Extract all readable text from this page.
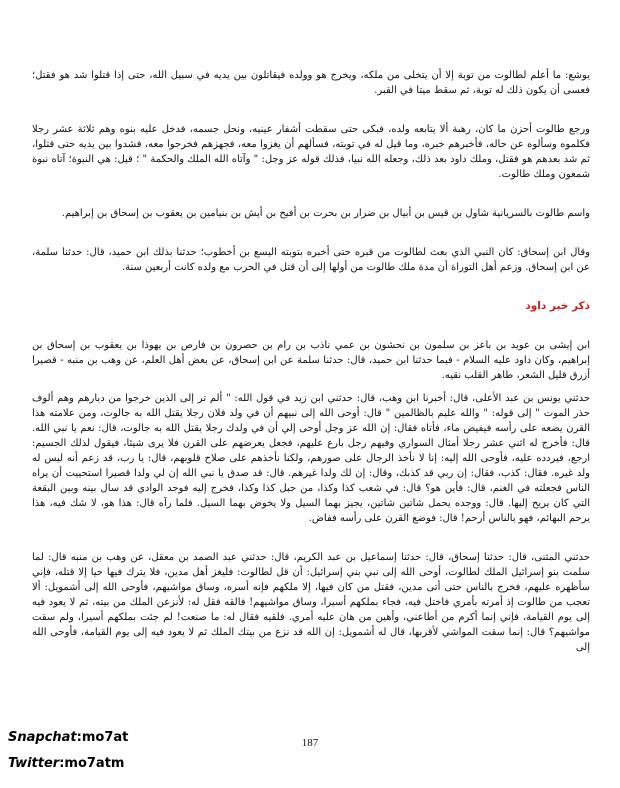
يوشع: ما أعلم لطالوت من توبة إلا أن يتخلى من ملكه، ويخرج هو وولده فيقاتلون بين يديه في سبيل الله، حتى إذا قتلوا شد هو فقتل؛ فعسى أن يكون ذلك له توبة، ثم سقط ميتا في القبر.

ورجع طالوت أحزن ما كان، رهبة ألا يتابعه ولده، فبكى حتى سقطت أشفار عينيه، ونحل جسمه، فدخل عليه بنوه وهم ثلاثة عشر رجلا فكلموه وسألوه عن حاله، فأخبرهم خبره، وما قيل له في توبته، فسألهم أن يغزوا معه، فجهزهم فخرجوا معه، فشدوا بين يديه حتى قتلوا، ثم شد بعدهم هو فقتل، وملك داود بعد ذلك، وجعله الله نبيا، فذلك قوله عز وجل: " وآتاه الله الملك والحكمة " ؛ قيل: هي النبوة؛ آتاه نبوة شمعون وملك طالوت.

واسم طالوت بالسريانية شاول بن قيس بن أبيال بن ضرار بن بحرت بن أفيح بن أيش بن بنيامين بن يعقوب بن إسحاق بن إبراهيم.

وقال ابن إسحاق: كان النبي الذي بعث لطالوت من قبره حتى أخبره بتوبته اليسع بن أخطوب؛ حدثنا بذلك ابن حميد، قال: حدثنا سلمة، عن ابن إسحاق. وزعم أهل التوراة أن مدة ملك طالوت من أولها إلى أن قتل في الحرب مع ولده كانت أربعين سنة.

ذكر خبر داود

ابن إيشى بن عويد بن باعز بن سلمون بن نحشون بن عمي ناذب بن رام بن حصرون بن فارص بن يهوذا بن يعقوب بن إسحاق بن إبراهيم، وكان داود عليه السلام - فيما حدثنا ابن حميد، قال: حدثنا سلمة عن ابن إسحاق، عن بعض أهل العلم، عن وهب بن منبه - قصيرا أزرق قليل الشعر، طاهر القلب نقيه.

حدثني يونس بن عبد الأعلى، قال: أخبرنا ابن وهب، قال: حدثني ابن زيد في قول الله: " ألم تر إلى الذين خرجوا من ديارهم وهم ألوف حذر الموت " إلى قوله: " والله عليم بالظالمين " قال: أوحى الله إلى نبيهم أن في ولد فلان رجلا يقتل الله به جالوت، ومن علامته هذا القرن يضعه على رأسه فيفيض ماء، فأتاه فقال: إن الله عز وجل أوحى إلي أن في ولدك رجلا يقتل الله به جالوت، قال: نعم يا نبي الله. قال: فأخرج له اثني عشر رجلا أمثال السواري وفيهم رجل بارع عليهم، فجعل يعرضهم على القرن فلا يرى شيئا، فيقول لذلك الجسيم: ارجع، فيردده عليه، فأوحى الله إليه: إنا لا نأخذ الرجال على صورهم، ولكنا نأخذهم على صلاح قلوبهم، قال: يا رب، قد زعم أنه ليس له ولد غيره. فقال: كذب، فقال: إن ربي قد كذبك، وقال: إن لك ولدا غيرهم. قال: قد صدق يا نبي الله إن لي ولدا قصيرا استحييت أن يراه الناس فجعلته في الغنم، قال: فأين هو؟ قال: في شعب كذا وكذا، من جبل كذا وكذا، فخرج إليه فوجد الوادي قد سال بينه وبين البقعة التي كان يريح إليها. قال: ووجده يحمل شاتين شاتين، يجيز بهما السيل ولا يخوض بهما السيل. فلما رآه قال: هذا هو، لا شك فيه، هذا يرحم البهائم، فهو بالناس أرحم! قال: فوضع القرن على رأسه ففاض.

حدثني المثنى، قال: حدثنا إسحاق، قال: حدثنا إسماعيل بن عبد الكريم، قال: حدثني عبد الصمد بن معقل، عن وهب بن منبه قال: لما سلمت بنو إسرائيل الملك لطالوت، أوحى الله إلى نبي بني إسرائيل: أن قل لطالوت: فليغز أهل مدين، فلا يترك فيها حيا إلا قتله، فإني سأظهره عليهم، فخرج بالناس حتى أتى مدين، فقتل من كان فيها، إلا ملكهم فإنه أسره، وساق مواشيهم، فأوحى الله إلى أشمويل: ألا تعجب من طالوت إذ أمرته بأمري فاختل فيه، فجاء بملكهم أسيرا، وساق مواشيهم! فالقه فقل له: لأنزعن الملك من بيته، ثم لا يعود فيه إلى يوم القيامة، فإني إنما أكرم من أطاعني، وأهين من هان عليه أمري. فلقيه فقال له: ما صنعت! لم جئت بملكهم أسيرا، ولم سقت مواشيهم؟ قال: إنما سقت المواشي لأقربها، قال له أشمويل: إن الله قد نزع من بيتك الملك ثم لا يعود فيه إلى يوم القيامة، فأوحى الله إلى

187
Snapchat:mo7at
Twitter:mo7atm
